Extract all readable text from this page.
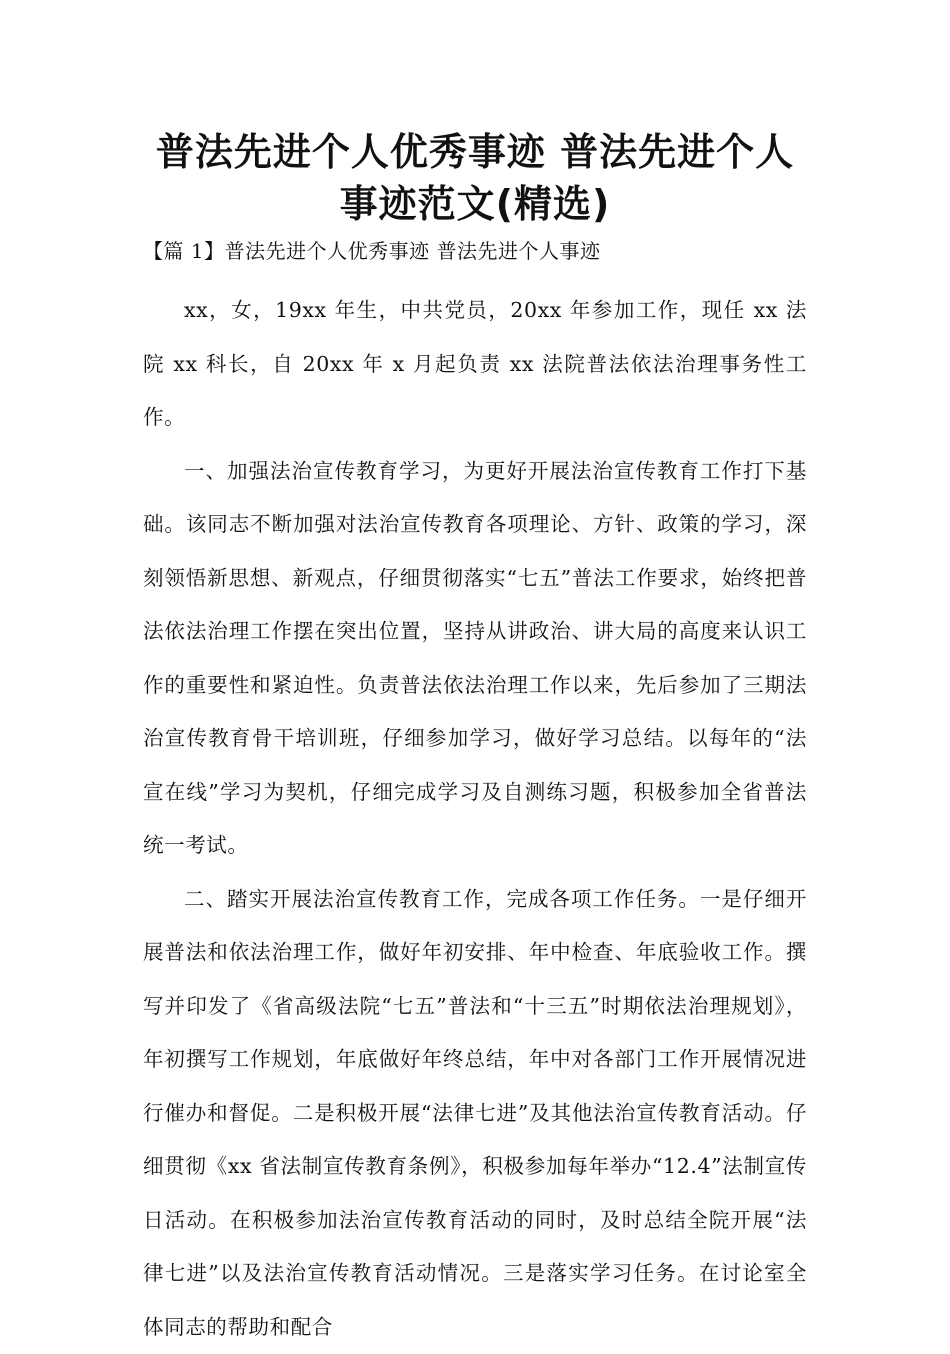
普法先进个人优秀事迹 普法先进个人
事迹范文(精选)

【篇 1】普法先进个人优秀事迹 普法先进个人事迹

xx，女，19xx 年生，中共党员，20xx 年参加工作，现任 xx 法院 xx 科长，自 20xx 年 x 月起负责 xx 法院普法依法治理事务性工作。

一、加强法治宣传教育学习，为更好开展法治宣传教育工作打下基础。该同志不断加强对法治宣传教育各项理论、方针、政策的学习，深刻领悟新思想、新观点，仔细贯彻落实“七五”普法工作要求，始终把普法依法治理工作摆在突出位置，坚持从讲政治、讲大局的高度来认识工作的重要性和紧迫性。负责普法依法治理工作以来，先后参加了三期法治宣传教育骨干培训班，仔细参加学习，做好学习总结。以每年的“法宣在线”学习为契机，仔细完成学习及自测练习题，积极参加全省普法统一考试。

二、踏实开展法治宣传教育工作，完成各项工作任务。一是仔细开展普法和依法治理工作，做好年初安排、年中检查、年底验收工作。撰写并印发了《省高级法院“七五”普法和“十三五”时期依法治理规划》，年初撰写工作规划，年底做好年终总结，年中对各部门工作开展情况进行催办和督促。二是积极开展“法律七进”及其他法治宣传教育活动。仔细贯彻《xx 省法制宣传教育条例》，积极参加每年举办“12.4”法制宣传日活动。在积极参加法治宣传教育活动的同时，及时总结全院开展“法律七进”以及法治宣传教育活动情况。三是落实学习任务。在讨论室全体同志的帮助和配合
